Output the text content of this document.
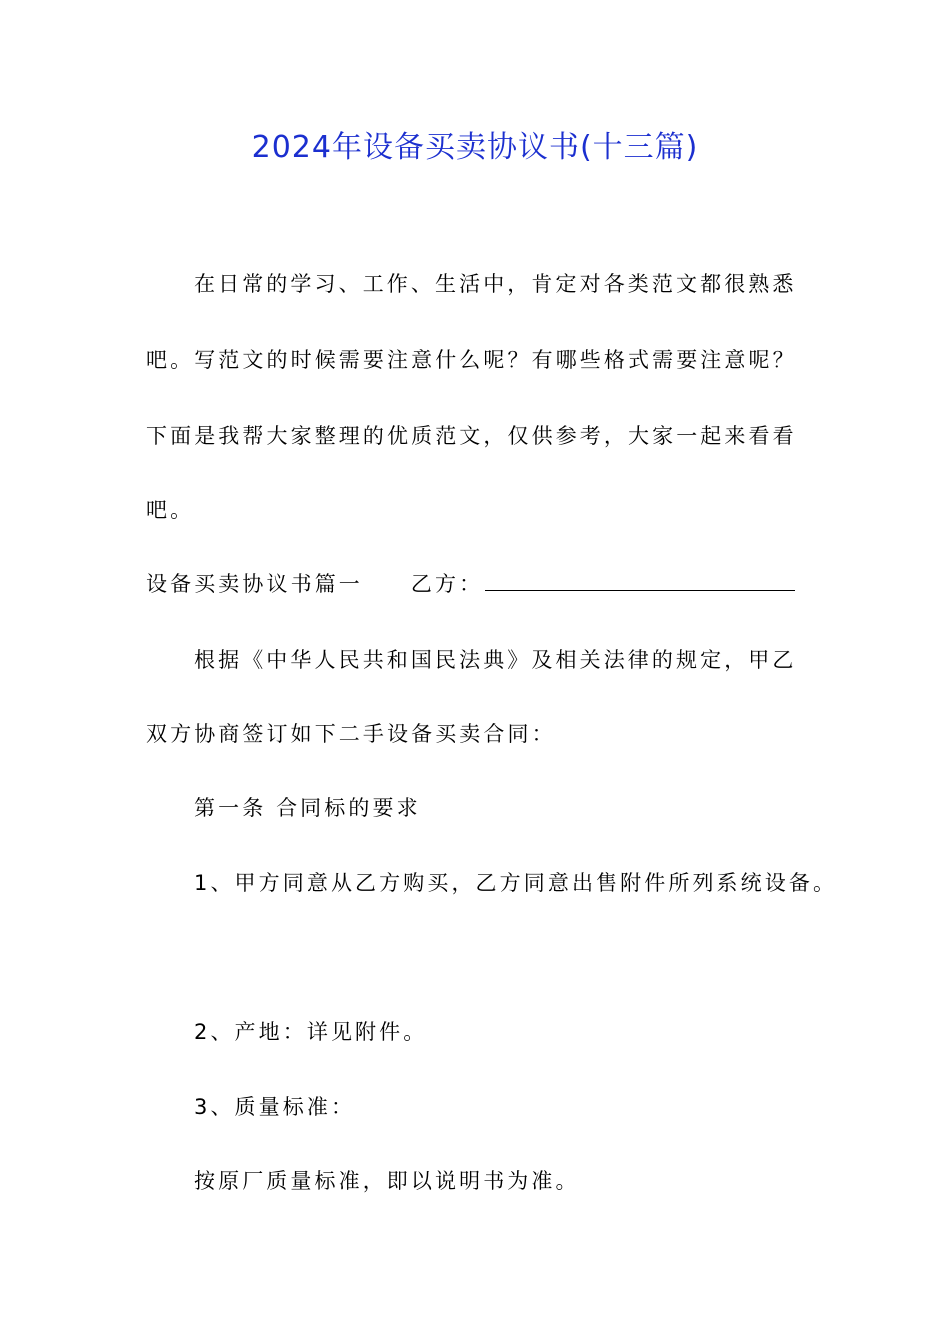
2024年设备买卖协议书(十三篇)
在日常的学习、工作、生活中，肯定对各类范文都很熟悉
吧。写范文的时候需要注意什么呢？有哪些格式需要注意呢？
下面是我帮大家整理的优质范文，仅供参考，大家一起来看看
吧。
设备买卖协议书篇一 乙方：
根据《中华人民共和国民法典》及相关法律的规定，甲乙
双方协商签订如下二手设备买卖合同：
第一条 合同标的要求
1、甲方同意从乙方购买，乙方同意出售附件所列系统设备。
2、产地：详见附件。
3、质量标准：
按原厂质量标准，即以说明书为准。
